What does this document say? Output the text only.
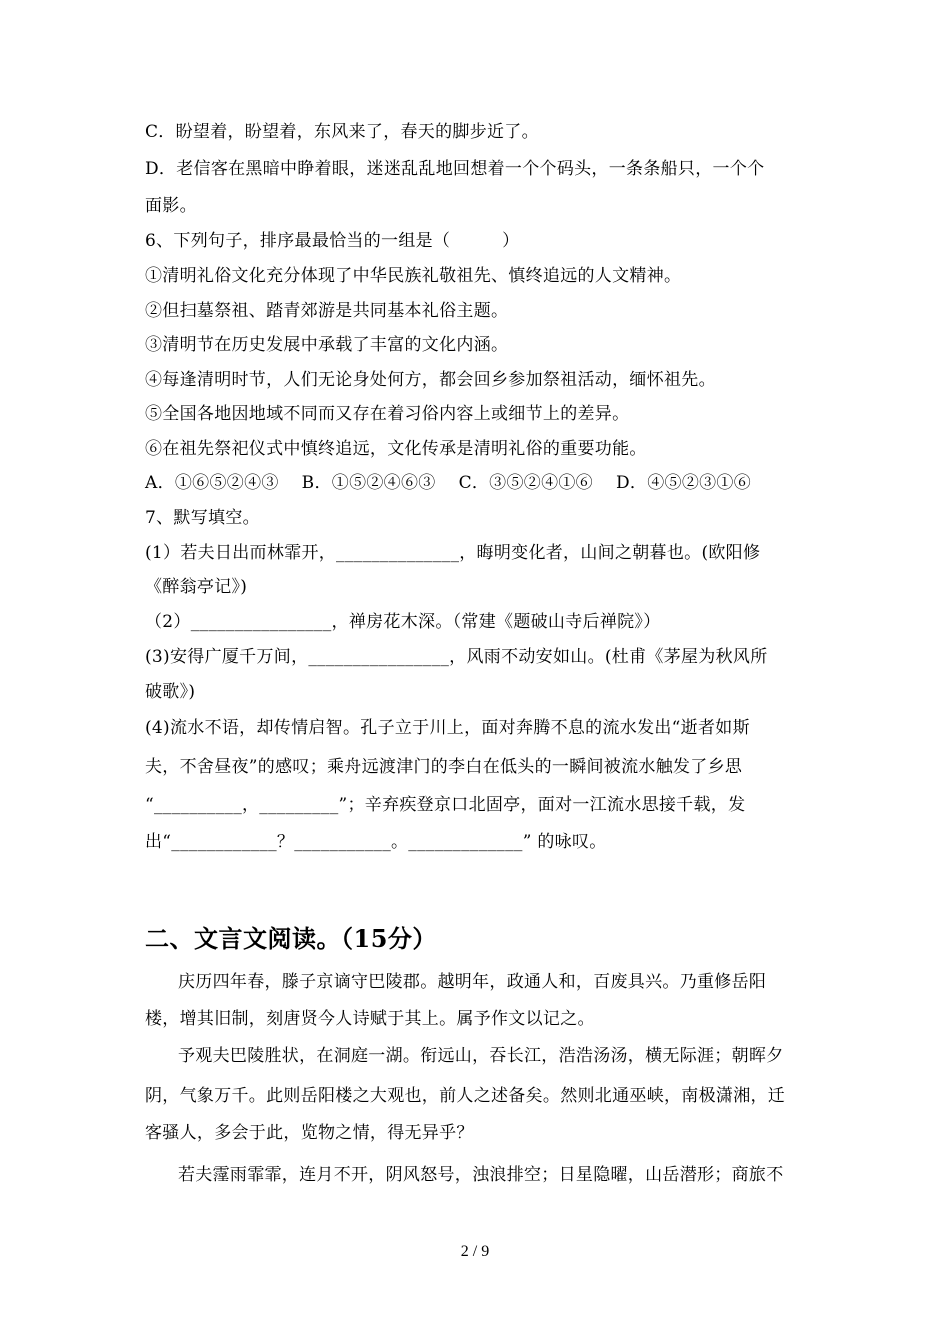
C．盼望着，盼望着，东风来了，春天的脚步近了。
D．老信客在黑暗中睁着眼，迷迷乱乱地回想着一个个码头，一条条船只，一个个
面影。
6、下列句子，排序最最恰当的一组是（　　　）
①清明礼俗文化充分体现了中华民族礼敬祖先、慎终追远的人文精神。
②但扫墓祭祖、踏青郊游是共同基本礼俗主题。
③清明节在历史发展中承载了丰富的文化内涵。
④每逢清明时节，人们无论身处何方，都会回乡参加祭祖活动，缅怀祖先。
⑤全国各地因地域不同而又存在着习俗内容上或细节上的差异。
⑥在祖先祭祀仪式中慎终追远，文化传承是清明礼俗的重要功能。
A．①⑥⑤②④③　 B．①⑤②④⑥③　 C．③⑤②④①⑥　 D．④⑤②③①⑥
7、默写填空。
(1）若夫日出而林霏开，______________，晦明变化者，山间之朝暮也。(欧阳修
《醉翁亭记》)
（2）________________，禅房花木深。（常建《题破山寺后禅院》）
(3)安得广厦千万间，________________，风雨不动安如山。(杜甫《茅屋为秋风所
破歌》)
(4)流水不语，却传情启智。孔子立于川上，面对奔腾不息的流水发出“逝者如斯
夫，不舍昼夜”的感叹；乘舟远渡津门的李白在低头的一瞬间被流水触发了乡思
“__________，_________”；辛弃疾登京口北固亭，面对一江流水思接千载，发
出“____________？___________。_____________” 的咏叹。
二、文言文阅读。（15分）
庆历四年春，滕子京谪守巴陵郡。越明年，政通人和，百废具兴。乃重修岳阳
楼，增其旧制，刻唐贤今人诗赋于其上。属予作文以记之。
予观夫巴陵胜状，在洞庭一湖。衔远山，吞长江，浩浩汤汤，横无际涯；朝晖夕
阴，气象万千。此则岳阳楼之大观也，前人之述备矣。然则北通巫峡，南极潇湘，迁
客骚人，多会于此，览物之情，得无异乎？
若夫霪雨霏霏，连月不开，阴风怒号，浊浪排空；日星隐曜，山岳潜形；商旅不
2 / 9
